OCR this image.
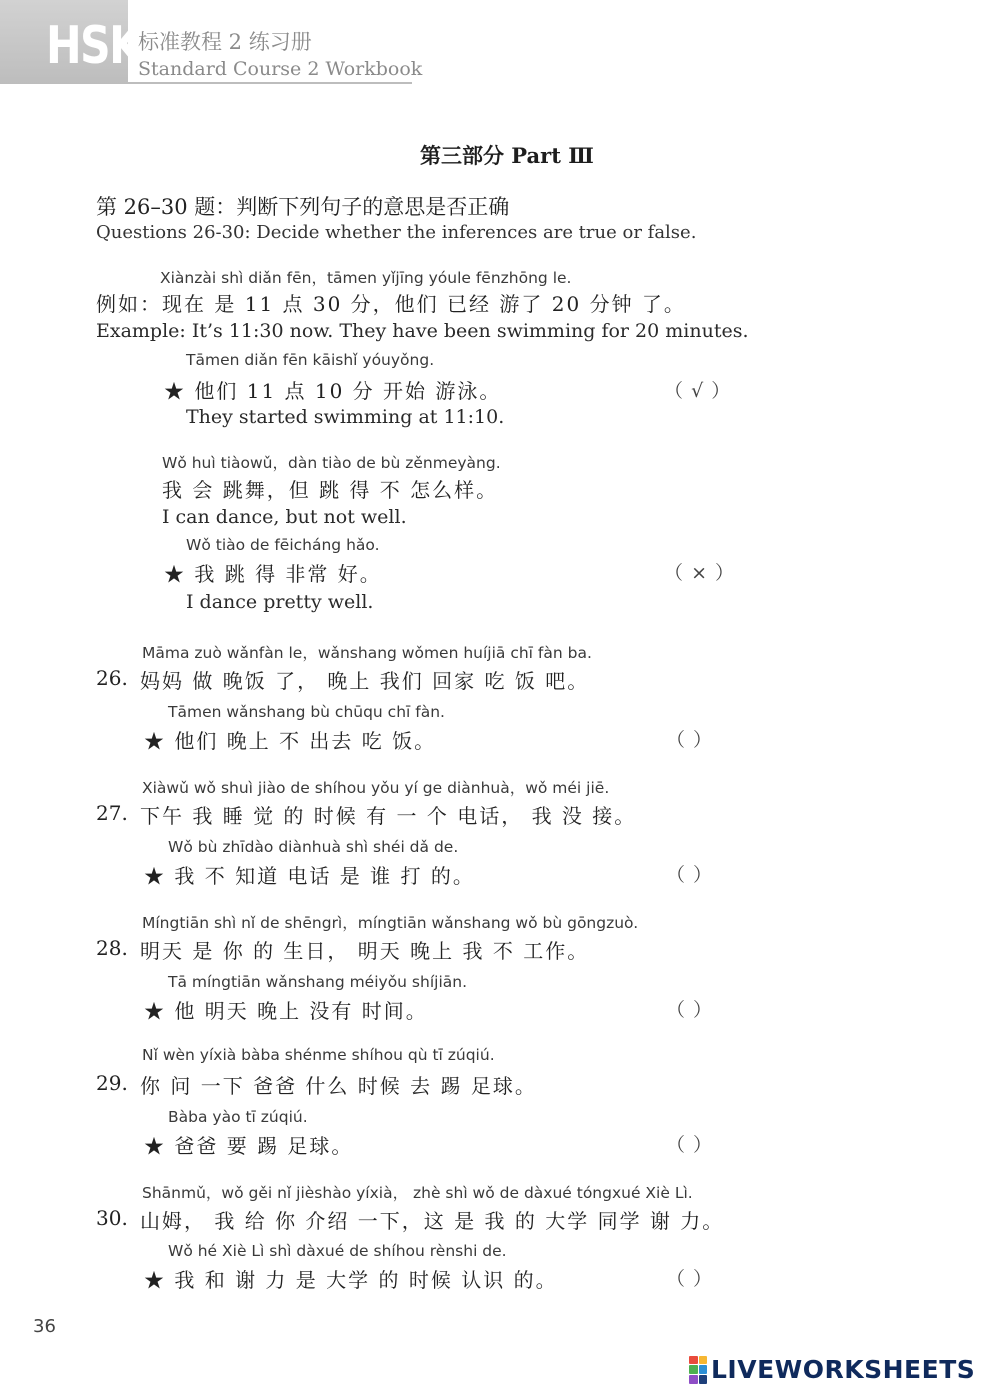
HSK
标准教程 2 练习册
Standard Course 2 Workbook
第三部分 Part Ⅲ
第 26–30 题：判断下列句子的意思是否正确
Questions 26-30: Decide whether the inferences are true or false.
Xiànzài shì diǎn fēn，tāmen yǐjīng yóule fēnzhōng le.
例如：现在 是 11 点 30 分，他们 已经 游了 20 分钟 了。
Example: It’s 11:30 now. They have been swimming for 20 minutes.
Tāmen diǎn fēn kāishǐ yóuyǒng.
★ 他们 11 点 10 分 开始 游泳。
They started swimming at 11:10.
（ √ ）
Wǒ huì tiàowǔ，dàn tiào de bù zěnmeyàng.
我 会 跳舞，但 跳 得 不 怎么样。
I can dance, but not well.
Wǒ tiào de fēicháng hǎo.
★ 我 跳 得 非常 好。
I dance pretty well.
（ × ）
Māma zuò wǎnfàn le，wǎnshang wǒmen huíjiā chī fàn ba.
26. 妈妈 做 晚饭 了， 晚上 我们 回家 吃 饭 吧。
Tāmen wǎnshang bù chūqu chī fàn.
★ 他们 晚上 不 出去 吃 饭。	（ ）
Xiàwǔ wǒ shuì jiào de shíhou yǒu yí ge diànhuà，wǒ méi jiē.
27. 下午 我 睡 觉 的 时候 有 一 个 电话， 我 没 接。
Wǒ bù zhīdào diànhuà shì shéi dǎ de.
★ 我 不 知道 电话 是 谁 打 的。	（ ）
Míngtiān shì nǐ de shēngrì，míngtiān wǎnshang wǒ bù gōngzuò.
28. 明天 是 你 的 生日， 明天 晚上 我 不 工作。
Tā míngtiān wǎnshang méiyǒu shíjiān.
★ 他 明天 晚上 没有 时间。	（ ）
Nǐ wèn yíxià bàba shénme shíhou qù tī zúqiú.
29. 你 问 一下 爸爸 什么 时候 去 踢 足球。
Bàba yào tī zúqiú.
★ 爸爸 要 踢 足球。	（ ）
Shānmǔ，wǒ gěi nǐ jièshào yíxià， zhè shì wǒ de dàxué tóngxué Xiè Lì.
30. 山姆， 我 给 你 介绍 一下，这 是 我 的 大学 同学 谢 力。
Wǒ hé Xiè Lì shì dàxué de shíhou rènshi de.
★ 我 和 谢 力 是 大学 的 时候 认识 的。	（ ）
36
LIVEWORKSHEETS
